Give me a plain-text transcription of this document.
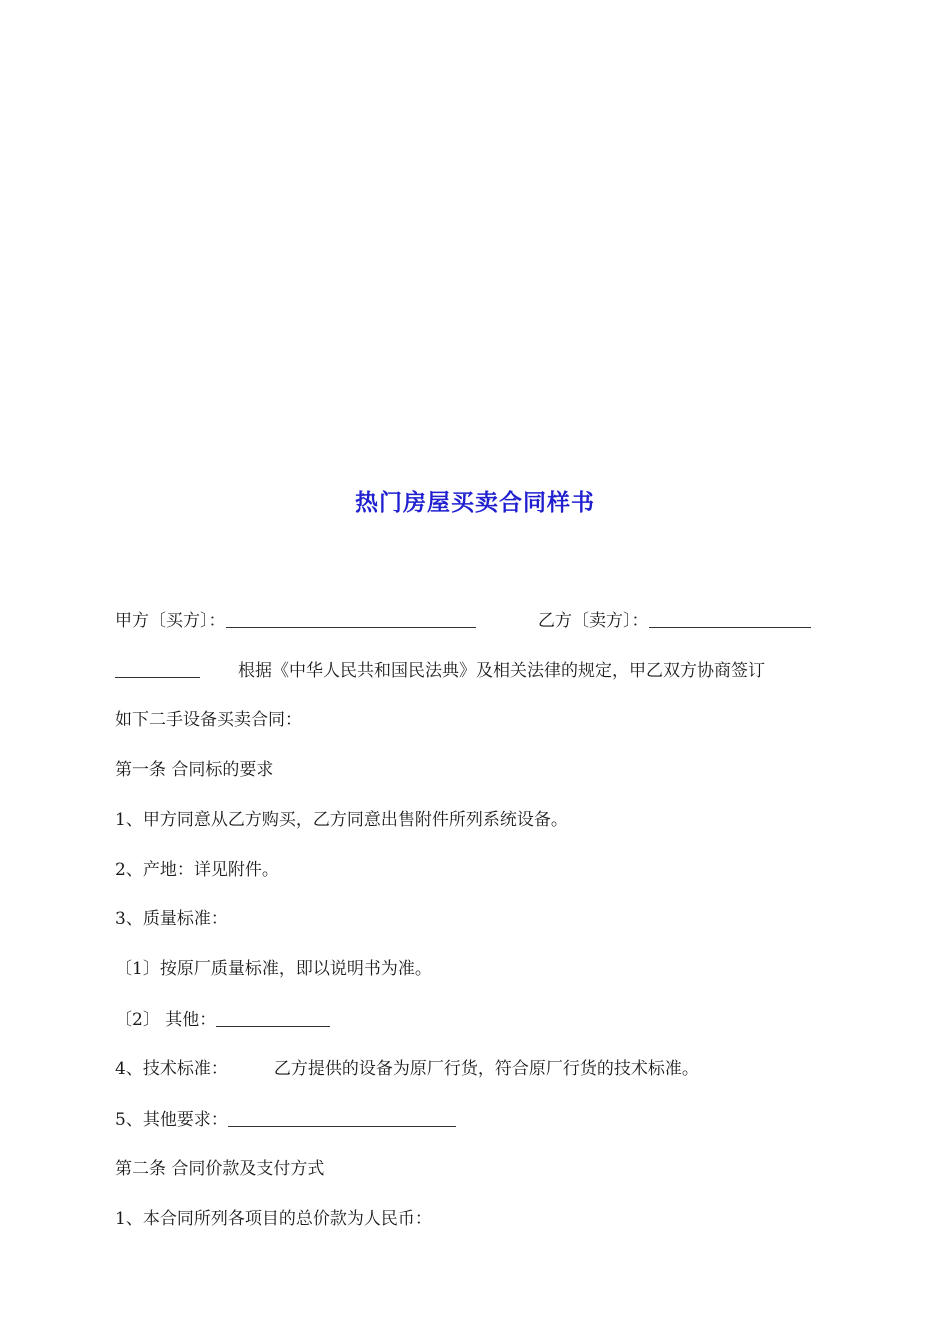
热门房屋买卖合同样书
甲方〔买方〕：	乙方〔卖方〕：
根据《中华人民共和国民法典》及相关法律的规定，甲乙双方协商签订
如下二手设备买卖合同：
第一条 合同标的要求
1、甲方同意从乙方购买，乙方同意出售附件所列系统设备。
2、产地：详见附件。
3、质量标准：
〔1〕按原厂质量标准，即以说明书为准。
〔2〕 其他：
4、技术标准：	乙方提供的设备为原厂行货，符合原厂行货的技术标准。
5、其他要求：
第二条 合同价款及支付方式
1、本合同所列各项目的总价款为人民币：
